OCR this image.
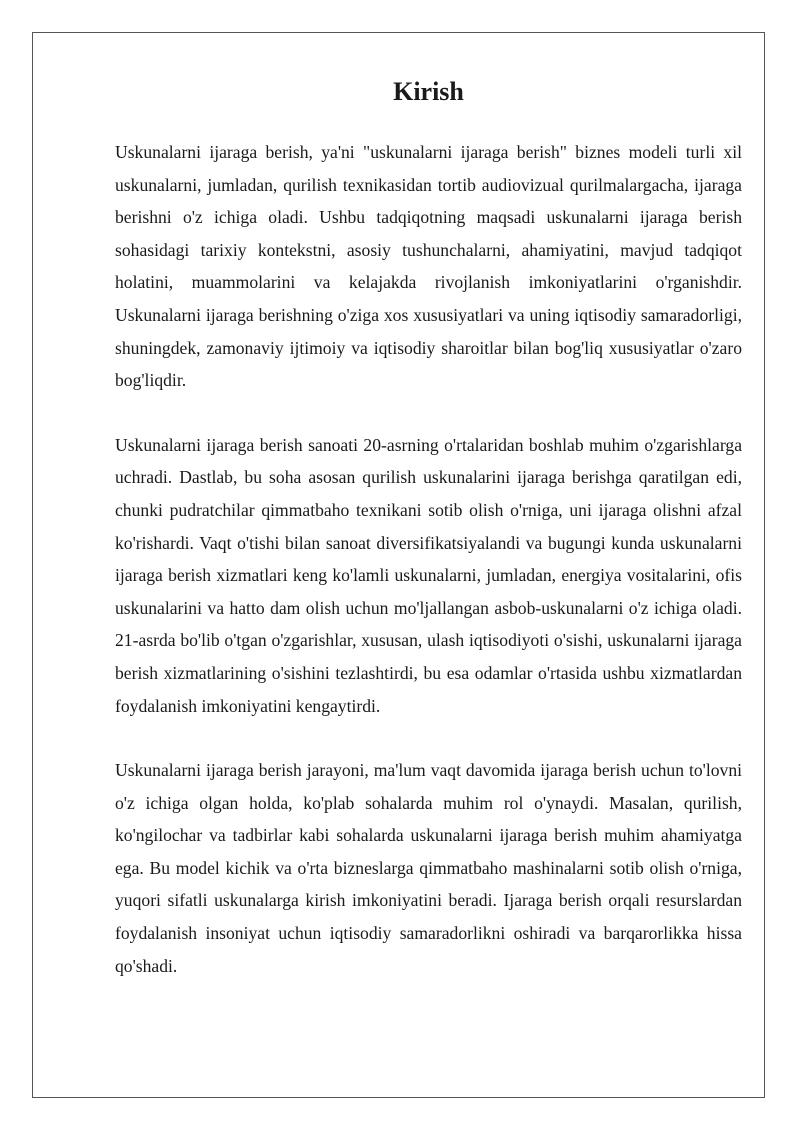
Kirish

Uskunalarni ijaraga berish, ya'ni "uskunalarni ijaraga berish" biznes modeli turli xil uskunalarni, jumladan, qurilish texnikasidan tortib audiovizual qurilmalargacha, ijaraga berishni o'z ichiga oladi. Ushbu tadqiqotning maqsadi uskunalarni ijaraga berish sohasidagi tarixiy kontekstni, asosiy tushunchalarni, ahamiyatini, mavjud tadqiqot holatini, muammolarini va kelajakda rivojlanish imkoniyatlarini o'rganishdir. Uskunalarni ijaraga berishning o'ziga xos xususiyatlari va uning iqtisodiy samaradorligi, shuningdek, zamonaviy ijtimoiy va iqtisodiy sharoitlar bilan bog'liq xususiyatlar o'zaro bog'liqdir.

Uskunalarni ijaraga berish sanoati 20-asrning o'rtalaridan boshlab muhim o'zgarishlarga uchradi. Dastlab, bu soha asosan qurilish uskunalarini ijaraga berishga qaratilgan edi, chunki pudratchilar qimmatbaho texnikani sotib olish o'rniga, uni ijaraga olishni afzal ko'rishardi. Vaqt o'tishi bilan sanoat diversifikatsiyalandi va bugungi kunda uskunalarni ijaraga berish xizmatlari keng ko'lamli uskunalarni, jumladan, energiya vositalarini, ofis uskunalarini va hatto dam olish uchun mo'ljallangan asbob-uskunalarni o'z ichiga oladi. 21-asrda bo'lib o'tgan o'zgarishlar, xususan, ulash iqtisodiyoti o'sishi, uskunalarni ijaraga berish xizmatlarining o'sishini tezlashtirdi, bu esa odamlar o'rtasida ushbu xizmatlardan foydalanish imkoniyatini kengaytirdi.

Uskunalarni ijaraga berish jarayoni, ma'lum vaqt davomida ijaraga berish uchun to'lovni o'z ichiga olgan holda, ko'plab sohalarda muhim rol o'ynaydi. Masalan, qurilish, ko'ngilochar va tadbirlar kabi sohalarda uskunalarni ijaraga berish muhim ahamiyatga ega. Bu model kichik va o'rta bizneslarga qimmatbaho mashinalarni sotib olish o'rniga, yuqori sifatli uskunalarga kirish imkoniyatini beradi. Ijaraga berish orqali resurslardan foydalanish insoniyat uchun iqtisodiy samaradorlikni oshiradi va barqarorlikka hissa qo'shadi.
